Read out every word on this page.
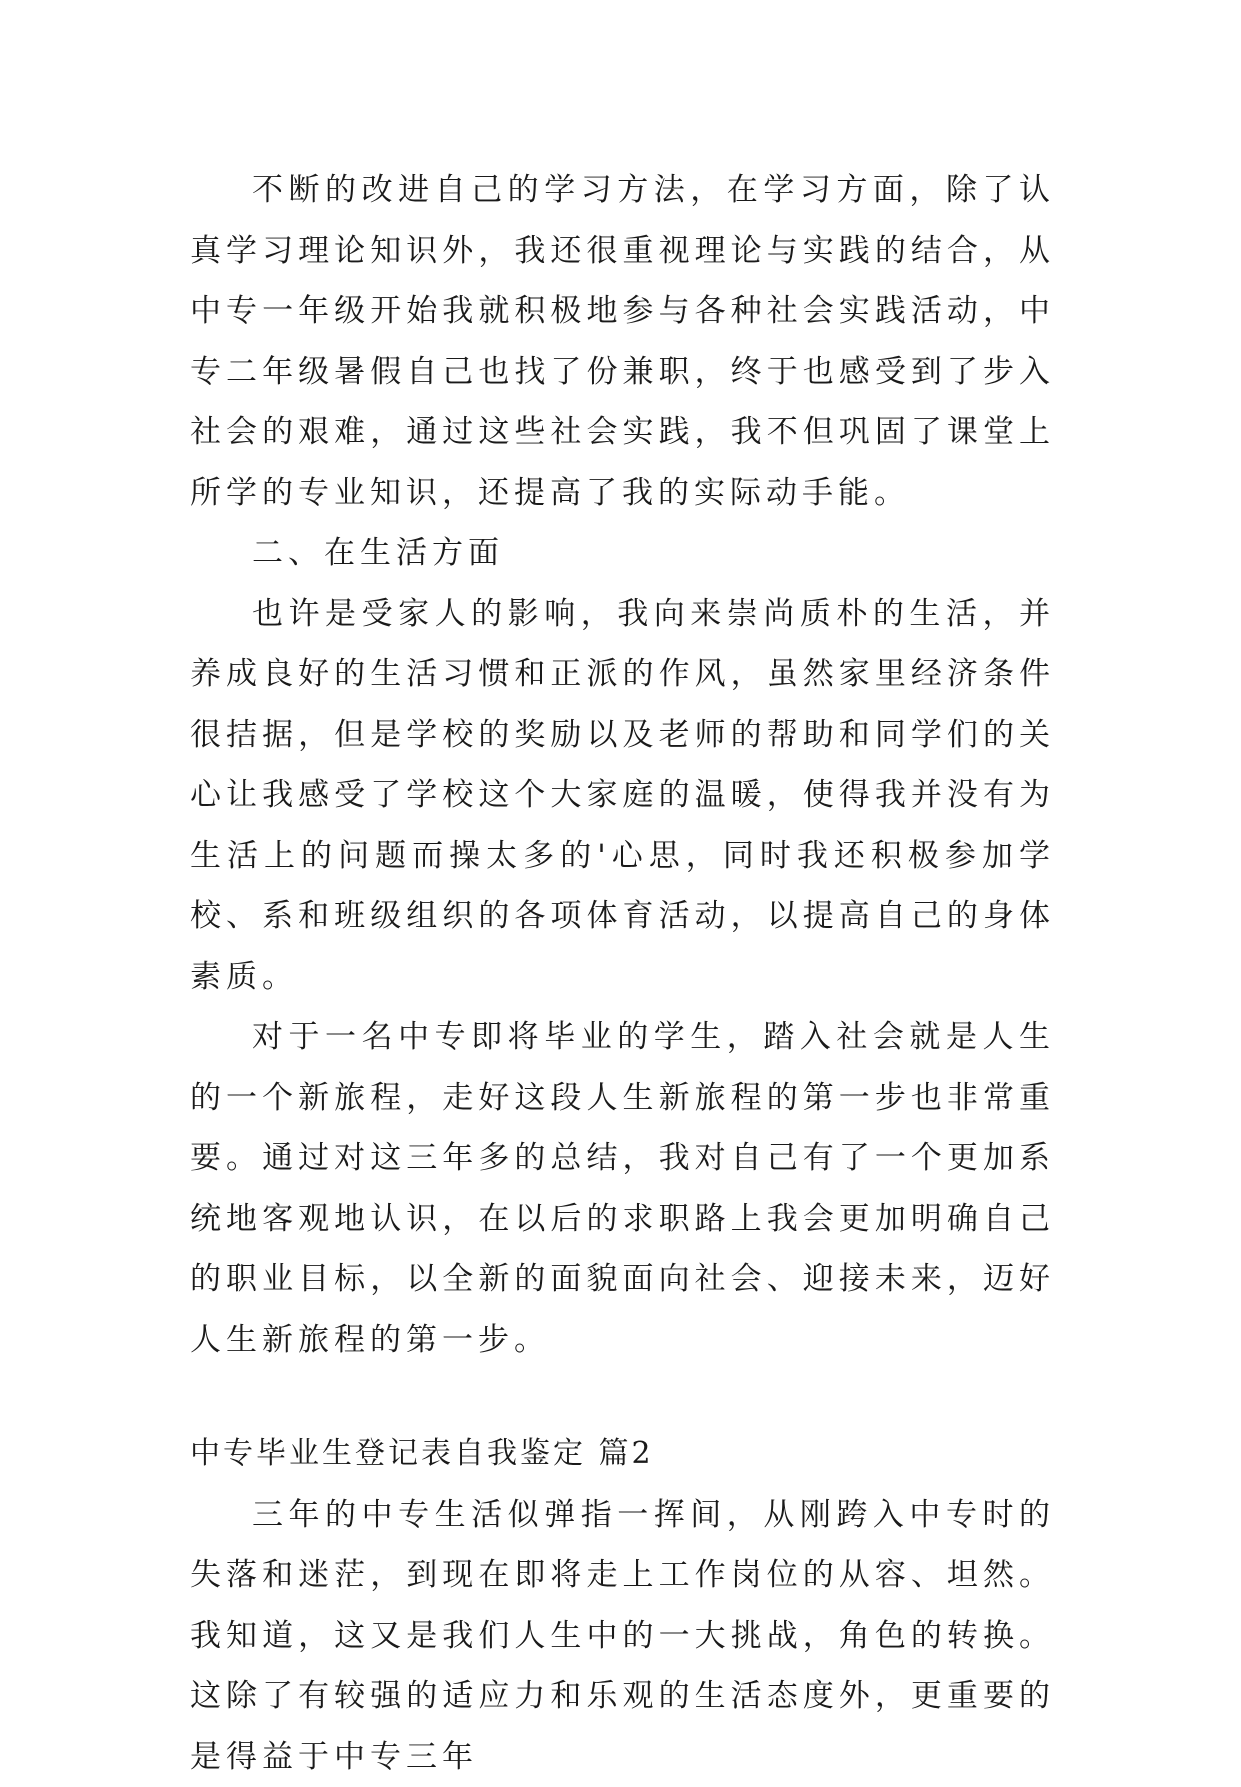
不断的改进自己的学习方法，在学习方面，除了认真学习理论知识外，我还很重视理论与实践的结合，从中专一年级开始我就积极地参与各种社会实践活动，中专二年级暑假自己也找了份兼职，终于也感受到了步入社会的艰难，通过这些社会实践，我不但巩固了课堂上所学的专业知识，还提高了我的实际动手能。

二、在生活方面

也许是受家人的影响，我向来崇尚质朴的生活，并养成良好的生活习惯和正派的作风，虽然家里经济条件很拮据，但是学校的奖励以及老师的帮助和同学们的关心让我感受了学校这个大家庭的温暖，使得我并没有为生活上的问题而操太多的'心思，同时我还积极参加学校、系和班级组织的各项体育活动，以提高自己的身体素质。

对于一名中专即将毕业的学生，踏入社会就是人生的一个新旅程，走好这段人生新旅程的第一步也非常重要。通过对这三年多的总结，我对自己有了一个更加系统地客观地认识，在以后的求职路上我会更加明确自己的职业目标，以全新的面貌面向社会、迎接未来，迈好人生新旅程的第一步。

中专毕业生登记表自我鉴定 篇2

三年的中专生活似弹指一挥间，从刚跨入中专时的失落和迷茫，到现在即将走上工作岗位的从容、坦然。我知道，这又是我们人生中的一大挑战，角色的转换。这除了有较强的适应力和乐观的生活态度外，更重要的是得益于中专三年
